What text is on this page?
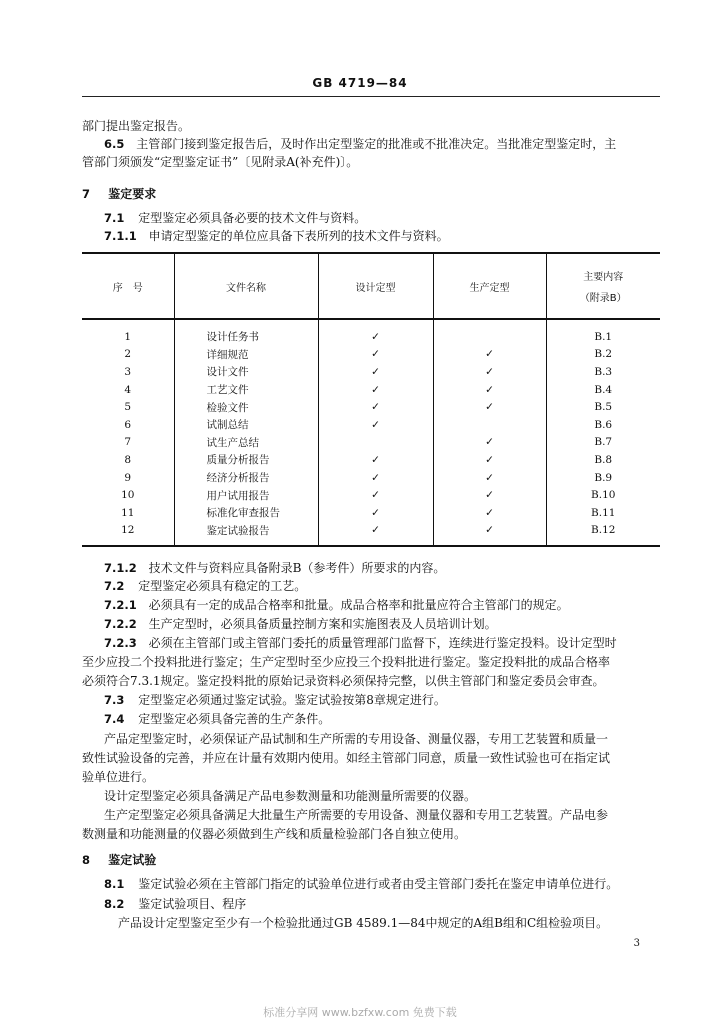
GB 4719—84
部门提出鉴定报告。
6.5 主管部门接到鉴定报告后，及时作出定型鉴定的批准或不批准决定。当批准定型鉴定时，主
管部门须颁发“定型鉴定证书”〔见附录A(补充件)〕。
7 鉴定要求
7.1 定型鉴定必须具备必要的技术文件与资料。
7.1.1 申请定型鉴定的单位应具备下表所列的技术文件与资料。
序　号	文件名称	设计定型	生产定型	主要内容
（附录B）

1	设计任务书	✓		B.1
2	详细规范	✓	✓	B.2
3	设计文件	✓	✓	B.3
4	工艺文件	✓	✓	B.4
5	检验文件	✓	✓	B.5
6	试制总结	✓		B.6
7	试生产总结		✓	B.7
8	质量分析报告	✓	✓	B.8
9	经济分析报告	✓	✓	B.9
10	用户试用报告	✓	✓	B.10
11	标准化审查报告	✓	✓	B.11
12	鉴定试验报告	✓	✓	B.12
7.1.2 技术文件与资料应具备附录B（参考件）所要求的内容。
7.2 定型鉴定必须具有稳定的工艺。
7.2.1 必须具有一定的成品合格率和批量。成品合格率和批量应符合主管部门的规定。
7.2.2 生产定型时，必须具备质量控制方案和实施图表及人员培训计划。
7.2.3 必须在主管部门或主管部门委托的质量管理部门监督下，连续进行鉴定投料。设计定型时
至少应投二个投料批进行鉴定；生产定型时至少应投三个投料批进行鉴定。鉴定投料批的成品合格率
必须符合7.3.1规定。鉴定投料批的原始记录资料必须保持完整，以供主管部门和鉴定委员会审查。
7.3 定型鉴定必须通过鉴定试验。鉴定试验按第8章规定进行。
7.4 定型鉴定必须具备完善的生产条件。
产品定型鉴定时，必须保证产品试制和生产所需的专用设备、测量仪器，专用工艺装置和质量一
致性试验设备的完善，并应在计量有效期内使用。如经主管部门同意，质量一致性试验也可在指定试
验单位进行。
设计定型鉴定必须具备满足产品电参数测量和功能测量所需要的仪器。
生产定型鉴定必须具备满足大批量生产所需要的专用设备、测量仪器和专用工艺装置。产品电参
数测量和功能测量的仪器必须做到生产线和质量检验部门各自独立使用。
8 鉴定试验
8.1 鉴定试验必须在主管部门指定的试验单位进行或者由受主管部门委托在鉴定申请单位进行。
8.2 鉴定试验项目、程序
产品设计定型鉴定至少有一个检验批通过GB 4589.1—84中规定的A组B组和C组检验项目。
3
标准分享网 www.bzfxw.com 免费下载
